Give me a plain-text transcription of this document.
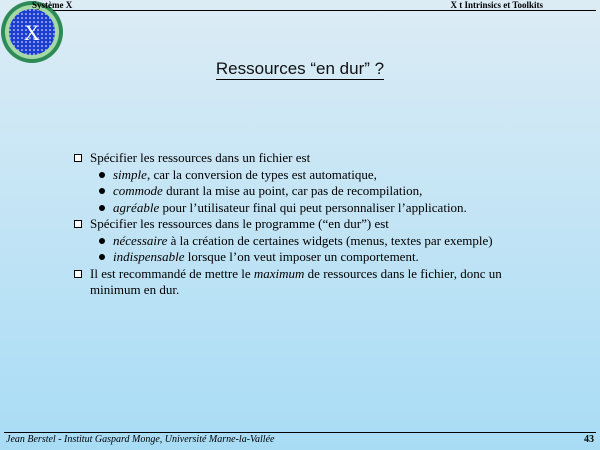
X
Système X	X t Intrinsics et Toolkits
Ressources “en dur” ?
Spécifier les ressources dans un fichier est
simple, car la conversion de types est automatique,
commode durant la mise au point, car pas de recompilation,
agréable pour l’utilisateur final qui peut personnaliser l’application.
Spécifier les ressources dans le programme (“en dur”) est
nécessaire à la création de certaines widgets (menus, textes par exemple)
indispensable lorsque l’on veut imposer un comportement.
Il est recommandé de mettre le maximum de ressources dans le fichier, donc un
minimum en dur.
Jean Berstel - Institut Gaspard Monge, Université Marne-la-Vallée	43
